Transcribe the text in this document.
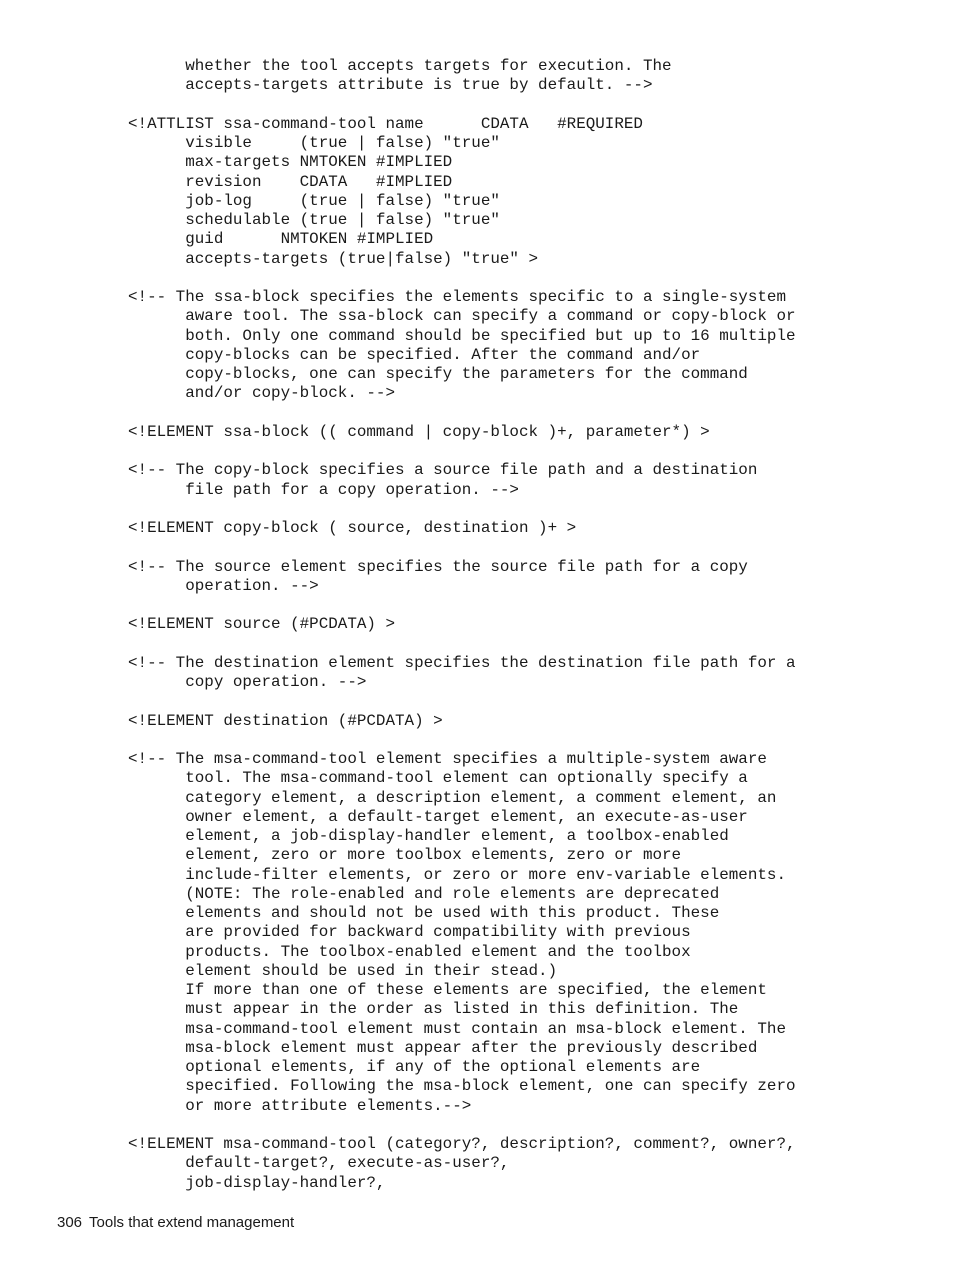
whether the tool accepts targets for execution. The
accepts-targets attribute is true by default. -->
<!ATTLIST ssa-command-tool name      CDATA   #REQUIRED
visible     (true | false) "true"
max-targets NMTOKEN #IMPLIED
revision    CDATA   #IMPLIED
job-log     (true | false) "true"
schedulable (true | false) "true"
guid      NMTOKEN #IMPLIED
accepts-targets (true|false) "true" >
<!-- The ssa-block specifies the elements specific to a single-system
aware tool. The ssa-block can specify a command or copy-block or
both. Only one command should be specified but up to 16 multiple
copy-blocks can be specified. After the command and/or
copy-blocks, one can specify the parameters for the command
and/or copy-block. -->
<!ELEMENT ssa-block (( command | copy-block )+, parameter*) >
<!-- The copy-block specifies a source file path and a destination
file path for a copy operation. -->
<!ELEMENT copy-block ( source, destination )+ >
<!-- The source element specifies the source file path for a copy
operation. -->
<!ELEMENT source (#PCDATA) >
<!-- The destination element specifies the destination file path for a
copy operation. -->
<!ELEMENT destination (#PCDATA) >
<!-- The msa-command-tool element specifies a multiple-system aware
tool. The msa-command-tool element can optionally specify a
category element, a description element, a comment element, an
owner element, a default-target element, an execute-as-user
element, a job-display-handler element, a toolbox-enabled
element, zero or more toolbox elements, zero or more
include-filter elements, or zero or more env-variable elements.
(NOTE: The role-enabled and role elements are deprecated
elements and should not be used with this product. These
are provided for backward compatibility with previous
products. The toolbox-enabled element and the toolbox
element should be used in their stead.)
If more than one of these elements are specified, the element
must appear in the order as listed in this definition. The
msa-command-tool element must contain an msa-block element. The
msa-block element must appear after the previously described
optional elements, if any of the optional elements are
specified. Following the msa-block element, one can specify zero
or more attribute elements.-->
<!ELEMENT msa-command-tool (category?, description?, comment?, owner?,
default-target?, execute-as-user?,
job-display-handler?,
306 Tools that extend management
